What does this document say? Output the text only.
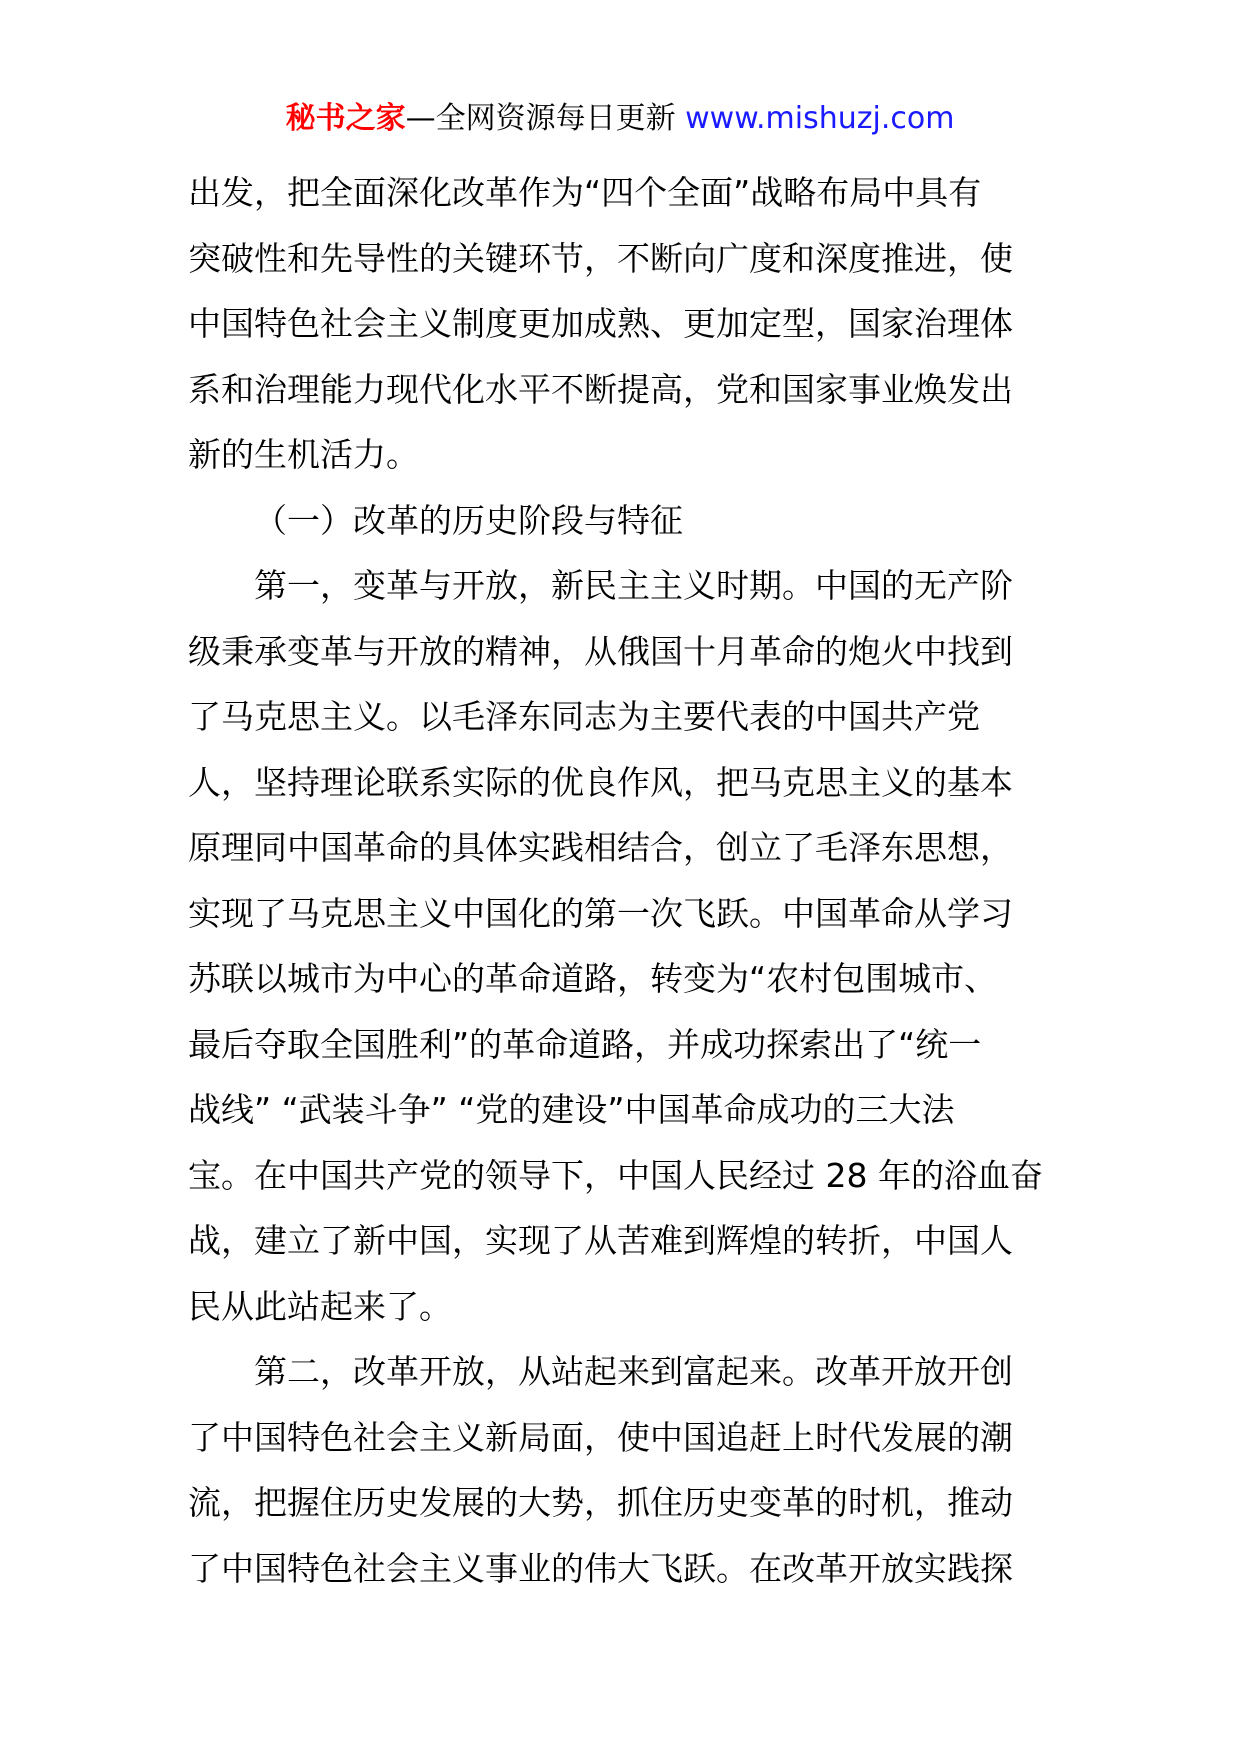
秘书之家—全网资源每日更新 www.mishuzj.com
出发，把全面深化改革作为“四个全面”战略布局中具有
突破性和先导性的关键环节，不断向广度和深度推进，使
中国特色社会主义制度更加成熟、更加定型，国家治理体
系和治理能力现代化水平不断提高，党和国家事业焕发出
新的生机活力。
（一）改革的历史阶段与特征
第一，变革与开放，新民主主义时期。中国的无产阶
级秉承变革与开放的精神，从俄国十月革命的炮火中找到
了马克思主义。以毛泽东同志为主要代表的中国共产党
人，坚持理论联系实际的优良作风，把马克思主义的基本
原理同中国革命的具体实践相结合，创立了毛泽东思想，
实现了马克思主义中国化的第一次飞跃。中国革命从学习
苏联以城市为中心的革命道路，转变为“农村包围城市、
最后夺取全国胜利”的革命道路，并成功探索出了“统一
战线” “武装斗争” “党的建设”中国革命成功的三大法
宝。在中国共产党的领导下，中国人民经过 28 年的浴血奋
战，建立了新中国，实现了从苦难到辉煌的转折，中国人
民从此站起来了。
第二，改革开放，从站起来到富起来。改革开放开创
了中国特色社会主义新局面，使中国追赶上时代发展的潮
流，把握住历史发展的大势，抓住历史变革的时机，推动
了中国特色社会主义事业的伟大飞跃。在改革开放实践探
